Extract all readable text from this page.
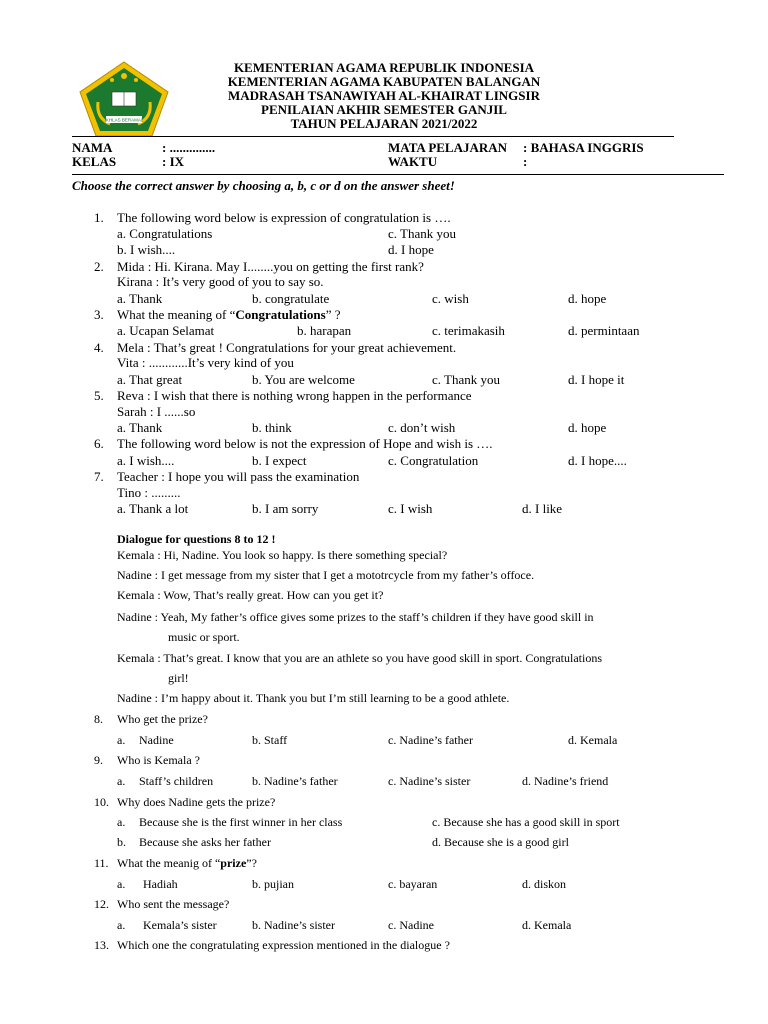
IKHLAS BERAMAL
KEMENTERIAN AGAMA REPUBLIK INDONESIA
KEMENTERIAN AGAMA KABUPATEN BALANGAN
MADRASAH TSANAWIYAH AL-KHAIRAT LINGSIR
PENILAIAN AKHIR SEMESTER GANJIL
TAHUN PELAJARAN 2021/2022
NAMA	: ..............	MATA PELAJARAN : BAHASA INGGRIS
KELAS	: IX	WAKTU	:
Choose the correct answer by choosing a, b, c or d on the answer sheet!
1. The following word below is expression of congratulation is ….
a. Congratulations	c. Thank you
b. I wish....	d. I hope
2. Mida : Hi. Kirana. May I........you on getting the first rank?
Kirana : It’s very good of you to say so.
a. Thank	b. congratulate	c. wish	d. hope
3. What the meaning of “Congratulations” ?
a. Ucapan Selamat	b. harapan	c. terimakasih	d. permintaan
4. Mela : That’s great ! Congratulations for your great achievement.
Vita : ............It’s very kind of you
a. That great	b. You are welcome	c. Thank you	d. I hope it
5. Reva : I wish that there is nothing wrong happen in the performance
Sarah : I ......so
a. Thank	b. think	c. don’t wish	d. hope
6. The following word below is not the expression of Hope and wish is ….
a. I wish....	b. I expect	c. Congratulation	d. I hope....
7. Teacher : I hope you will pass the examination
Tino : .........
a. Thank a lot	b. I am sorry	c. I wish	d. I like
Dialogue for questions 8 to 12 !
Kemala : Hi, Nadine. You look so happy. Is there something special?
Nadine : I get message from my sister that I get a mototrcycle from my father’s offoce.
Kemala : Wow, That’s really great. How can you get it?
Nadine : Yeah, My father’s office gives some prizes to the staff’s children if they have good skill in
music or sport.
Kemala : That’s great. I know that you are an athlete so you have good skill in sport. Congratulations
girl!
Nadine : I’m happy about it. Thank you but I’m still learning to be a good athlete.
8. Who get the prize?
a. Nadine	b. Staff	c. Nadine’s father	d. Kemala
9. Who is Kemala ?
a. Staff’s children	b. Nadine’s father	c. Nadine’s sister	d. Nadine’s friend
10. Why does Nadine gets the prize?
a. Because she is the first winner in her class	c. Because she has a good skill in sport
b. Because she asks her father	d. Because she is a good girl
11. What the meanig of “prize”?
a. Hadiah	b. pujian	c. bayaran	d. diskon
12. Who sent the message?
a. Kemala’s sister	b. Nadine’s sister	c. Nadine	d. Kemala
13. Which one the congratulating expression mentioned in the dialogue ?
